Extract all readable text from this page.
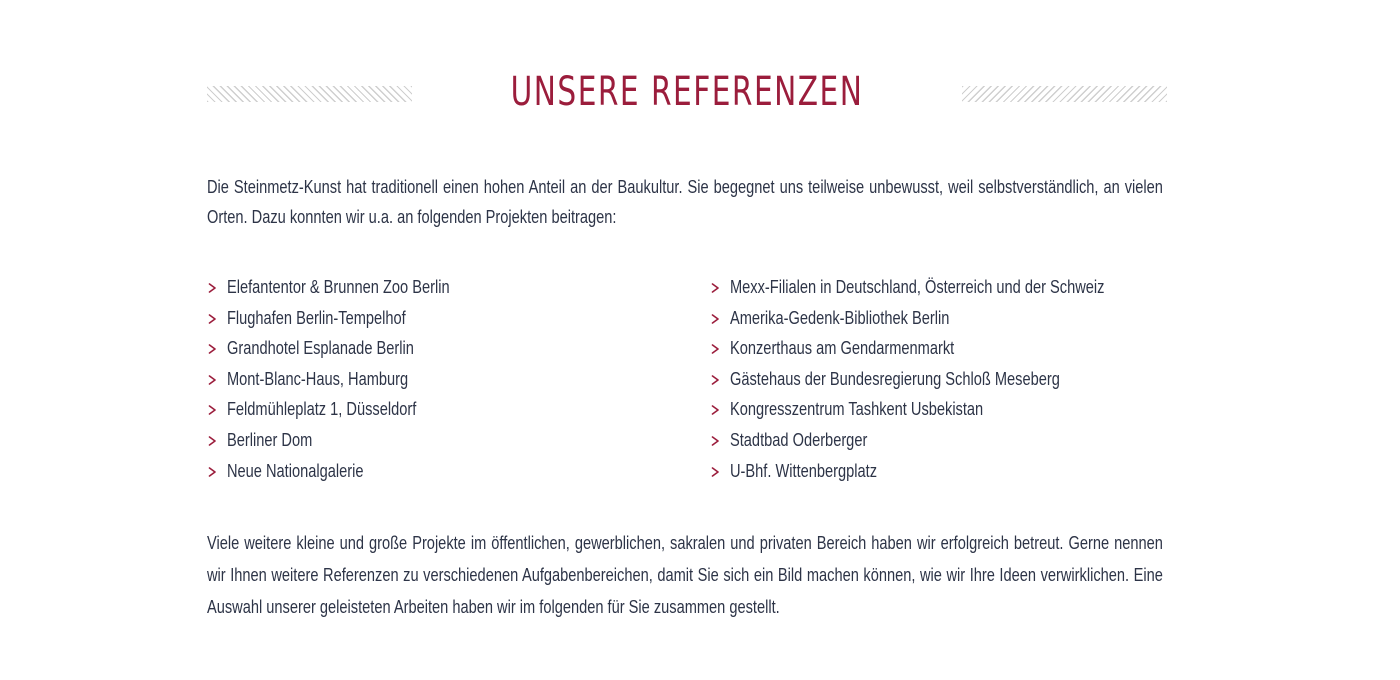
UNSERE REFERENZEN

Die Steinmetz-Kunst hat traditionell einen hohen Anteil an der Baukultur. Sie begegnet uns teilweise unbewusst, weil selbstverständlich, an vielen Orten. Dazu konnten wir u.a. an folgenden Projekten beitragen:

Elefantentor & Brunnen Zoo Berlin
Flughafen Berlin-Tempelhof
Grandhotel Esplanade Berlin
Mont-Blanc-Haus, Hamburg
Feldmühleplatz 1, Düsseldorf
Berliner Dom
Neue Nationalgalerie
Mexx-Filialen in Deutschland, Österreich und der Schweiz
Amerika-Gedenk-Bibliothek Berlin
Konzerthaus am Gendarmenmarkt
Gästehaus der Bundesregierung Schloß Meseberg
Kongresszentrum Tashkent Usbekistan
Stadtbad Oderberger
U-Bhf. Wittenbergplatz

Viele weitere kleine und große Projekte im öffentlichen, gewerblichen, sakralen und privaten Bereich haben wir erfolgreich betreut. Gerne nennen wir Ihnen weitere Referenzen zu verschiedenen Aufgabenbereichen, damit Sie sich ein Bild machen können, wie wir Ihre Ideen verwirklichen. Eine Auswahl unserer geleisteten Arbeiten haben wir im folgenden für Sie zusammen gestellt.
